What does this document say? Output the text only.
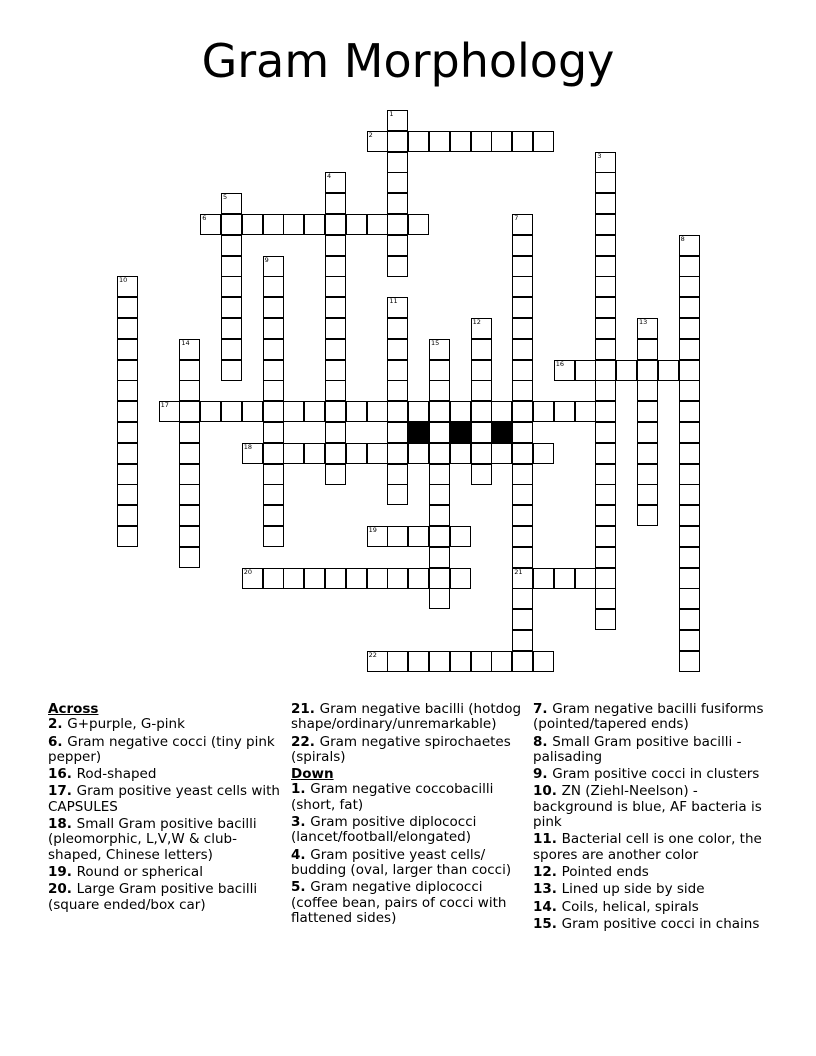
Gram Morphology
1
2
3
4
5
6	7
21
8
9
10
11
12	13
14	15
16
17
18
19
20
22
Across
2. G+purple, G-pink
6. Gram negative cocci (tiny pink pepper)
16. Rod-shaped
17. Gram positive yeast cells with CAPSULES
18. Small Gram positive bacilli (pleomorphic, L,V,W & club-shaped, Chinese letters)
19. Round or spherical
20. Large Gram positive bacilli (square ended/box car)
21. Gram negative bacilli (hotdog shape/ordinary/unremarkable)
22. Gram negative spirochaetes (spirals)
Down
1. Gram negative coccobacilli (short, fat)
3. Gram positive diplococci (lancet/football/elongated)
4. Gram positive yeast cells/ budding (oval, larger than cocci)
5. Gram negative diplococci (coffee bean, pairs of cocci with flattened sides)
7. Gram negative bacilli fusiforms (pointed/tapered ends)
8. Small Gram positive bacilli - palisading
9. Gram positive cocci in clusters
10. ZN (Ziehl-Neelson) - background is blue, AF bacteria is pink
11. Bacterial cell is one color, the spores are another color
12. Pointed ends
13. Lined up side by side
14. Coils, helical, spirals
15. Gram positive cocci in chains
